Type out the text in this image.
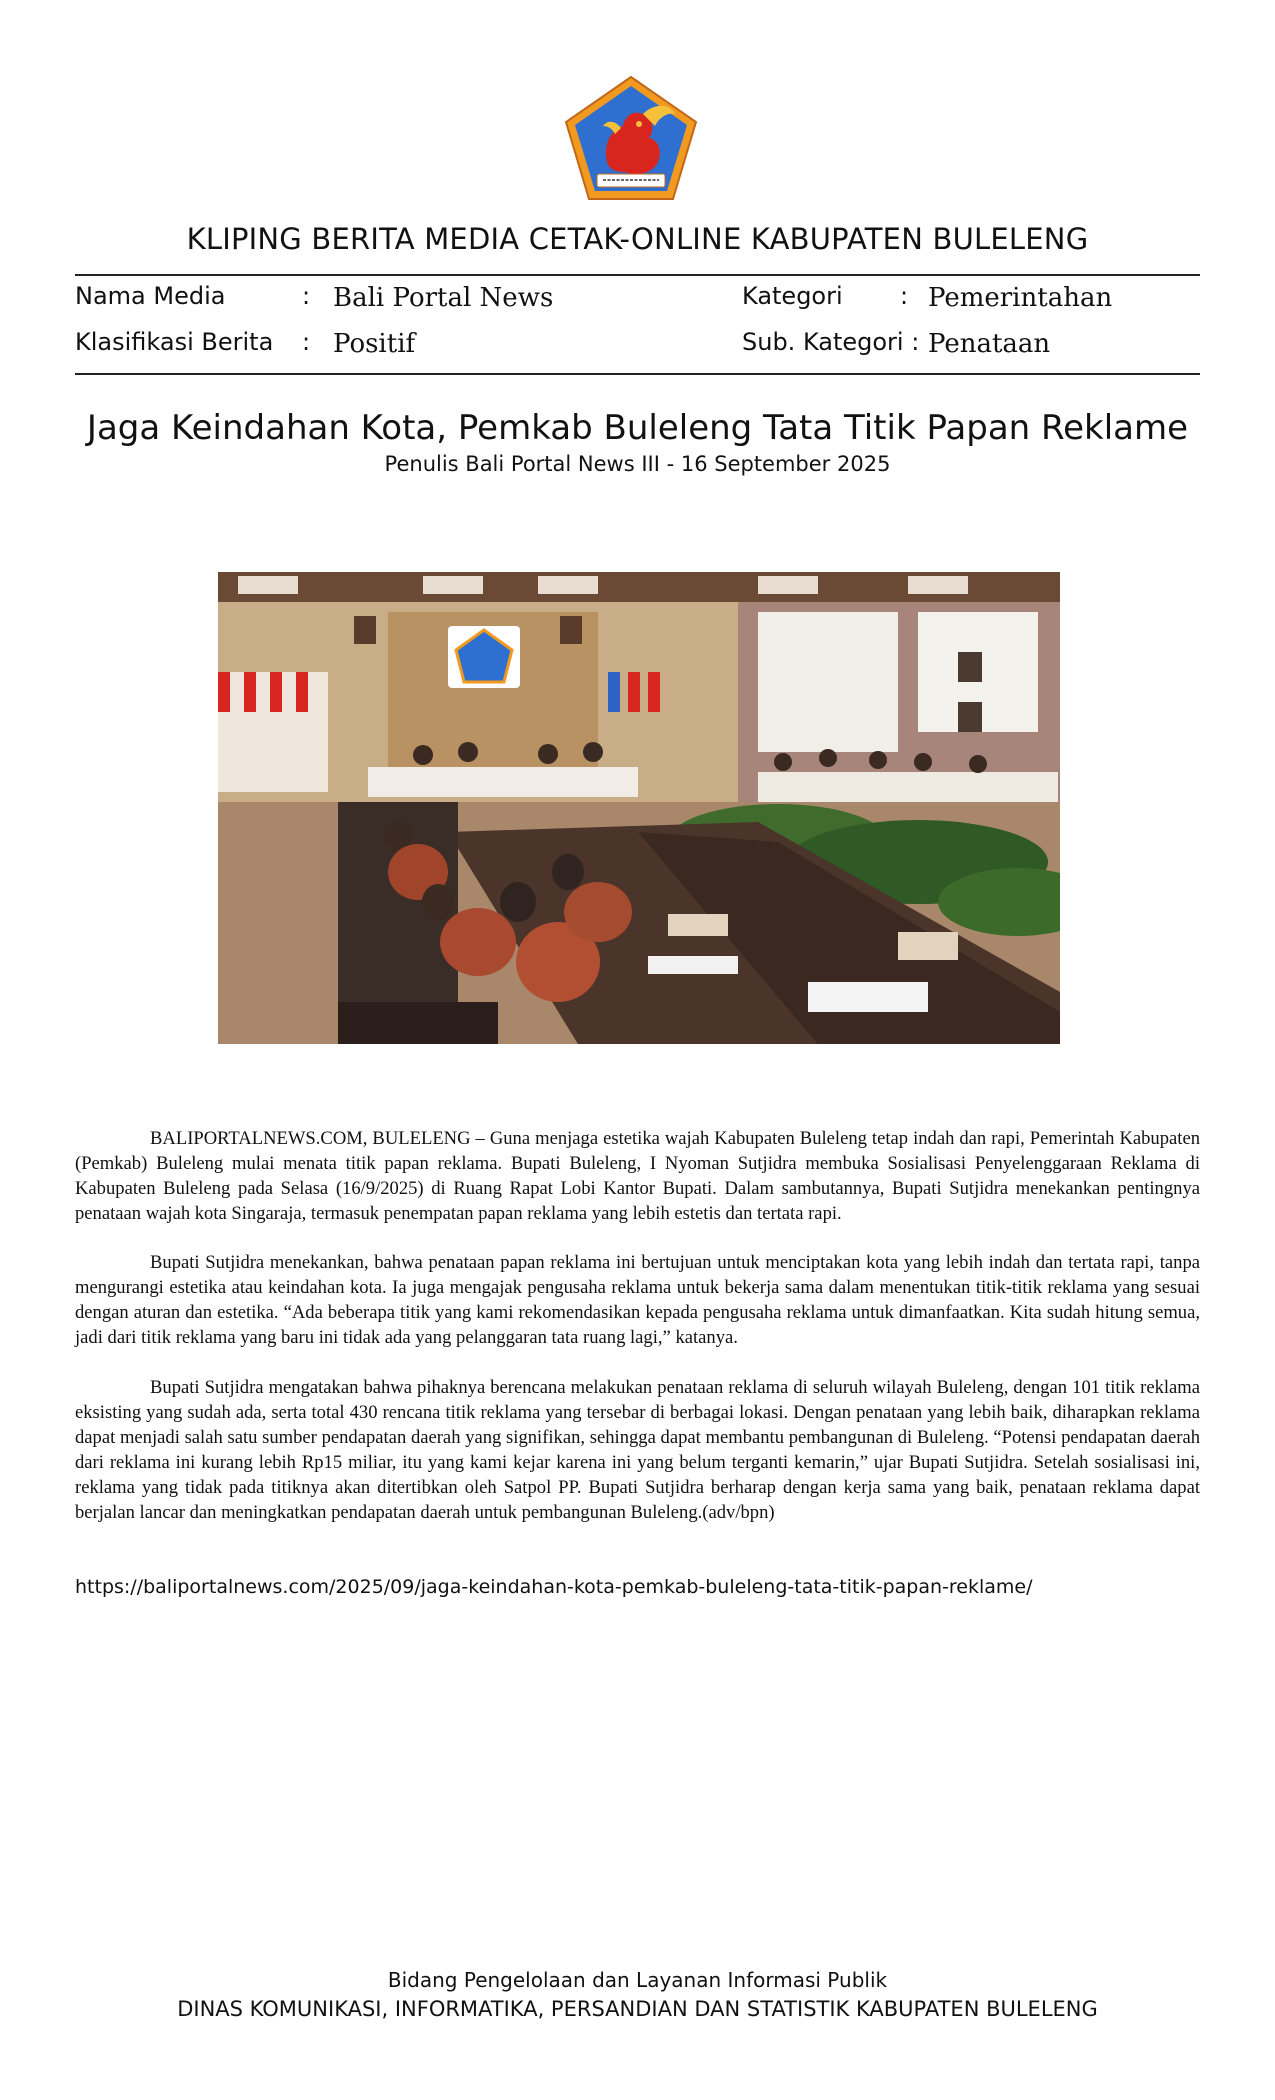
KLIPING BERITA MEDIA CETAK-ONLINE KABUPATEN BULELENG
Nama Media	: Bali Portal News	Kategori : Pemerintahan
Klasifikasi Berita : Positif	Sub. Kategori : Penataan
Jaga Keindahan Kota, Pemkab Buleleng Tata Titik Papan Reklame
Penulis Bali Portal News III - 16 September 2025

BALIPORTALNEWS.COM, BULELENG – Guna menjaga estetika wajah Kabupaten Buleleng tetap indah dan rapi, Pemerintah Kabupaten (Pemkab) Buleleng mulai menata titik papan reklama. Bupati Buleleng, I Nyoman Sutjidra membuka Sosialisasi Penyelenggaraan Reklama di Kabupaten Buleleng pada Selasa (16/9/2025) di Ruang Rapat Lobi Kantor Bupati. Dalam sambutannya, Bupati Sutjidra menekankan pentingnya penataan wajah kota Singaraja, termasuk penempatan papan reklama yang lebih estetis dan tertata rapi.

Bupati Sutjidra menekankan, bahwa penataan papan reklama ini bertujuan untuk menciptakan kota yang lebih indah dan tertata rapi, tanpa mengurangi estetika atau keindahan kota. Ia juga mengajak pengusaha reklama untuk bekerja sama dalam menentukan titik-titik reklama yang sesuai dengan aturan dan estetika. “Ada beberapa titik yang kami rekomendasikan kepada pengusaha reklama untuk dimanfaatkan. Kita sudah hitung semua, jadi dari titik reklama yang baru ini tidak ada yang pelanggaran tata ruang lagi,” katanya.

Bupati Sutjidra mengatakan bahwa pihaknya berencana melakukan penataan reklama di seluruh wilayah Buleleng, dengan 101 titik reklama eksisting yang sudah ada, serta total 430 rencana titik reklama yang tersebar di berbagai lokasi. Dengan penataan yang lebih baik, diharapkan reklama dapat menjadi salah satu sumber pendapatan daerah yang signifikan, sehingga dapat membantu pembangunan di Buleleng. “Potensi pendapatan daerah dari reklama ini kurang lebih Rp15 miliar, itu yang kami kejar karena ini yang belum terganti kemarin,” ujar Bupati Sutjidra. Setelah sosialisasi ini, reklama yang tidak pada titiknya akan ditertibkan oleh Satpol PP. Bupati Sutjidra berharap dengan kerja sama yang baik, penataan reklama dapat berjalan lancar dan meningkatkan pendapatan daerah untuk pembangunan Buleleng.(adv/bpn)

https://baliportalnews.com/2025/09/jaga-keindahan-kota-pemkab-buleleng-tata-titik-papan-reklame/
Bidang Pengelolaan dan Layanan Informasi Publik
DINAS KOMUNIKASI, INFORMATIKA, PERSANDIAN DAN STATISTIK KABUPATEN BULELENG
